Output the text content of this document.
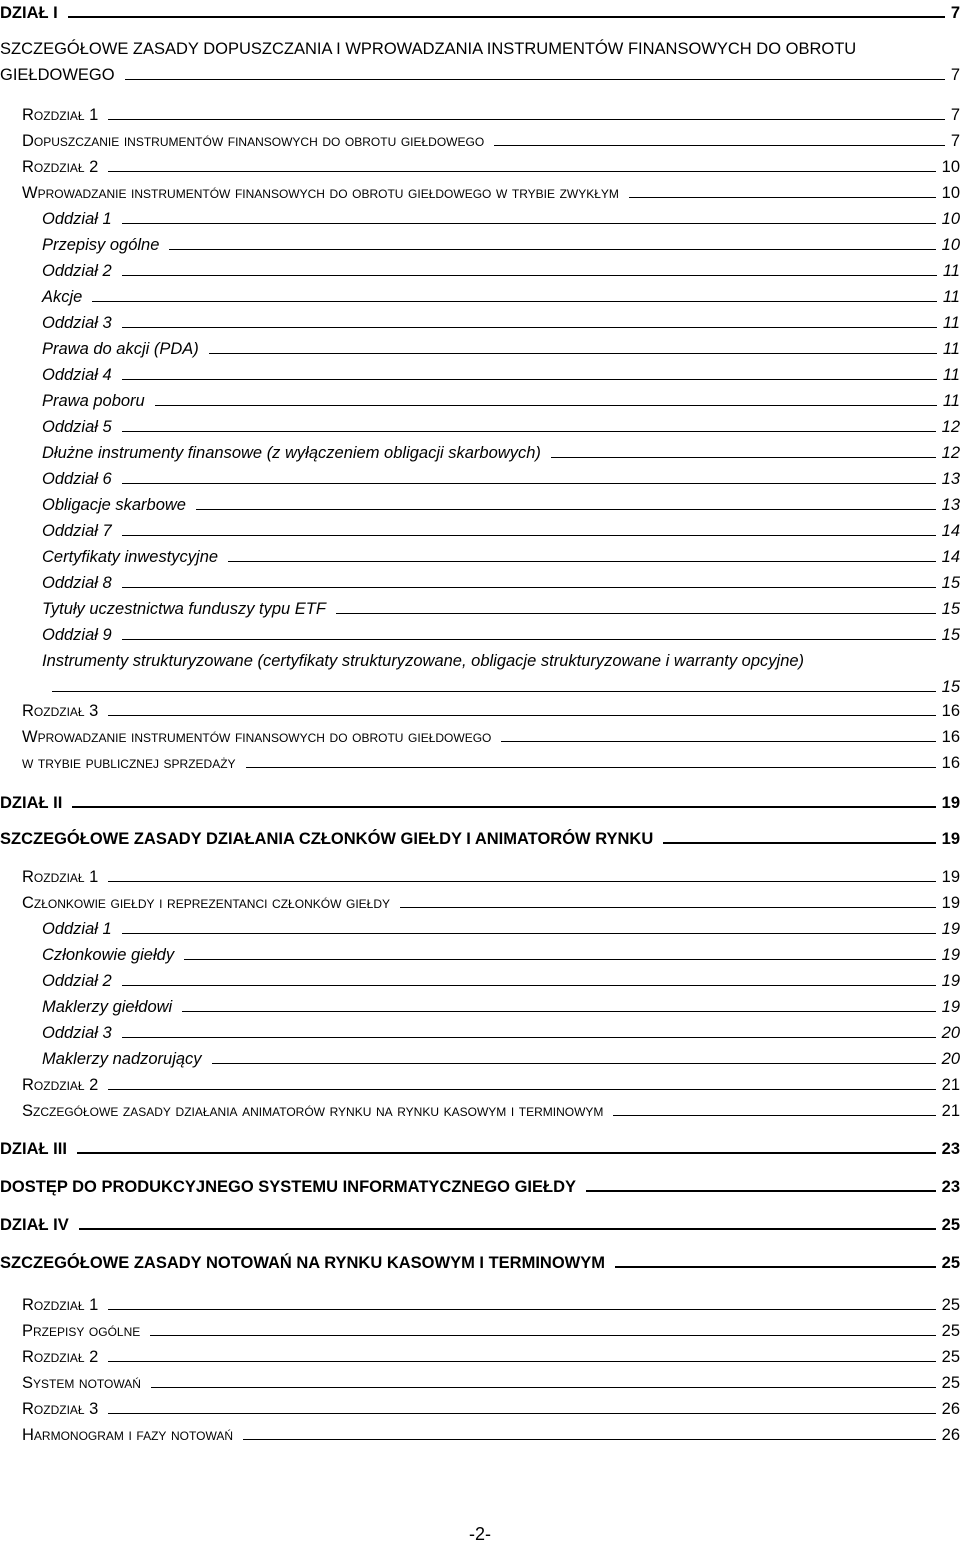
DZIAŁ I	7
SZCZEGÓŁOWE ZASADY DOPUSZCZANIA I WPROWADZANIA INSTRUMENTÓW FINANSOWYCH DO OBROTU
GIEŁDOWEGO	7
Rozdział 1	7
Dopuszczanie instrumentów finansowych do obrotu giełdowego	7
Rozdział 2	10
Wprowadzanie instrumentów finansowych do obrotu giełdowego w trybie zwykłym	10
Oddział 1	10
Przepisy ogólne	10
Oddział 2	11
Akcje	11
Oddział 3	11
Prawa do akcji (PDA)	11
Oddział 4	11
Prawa poboru	11
Oddział 5	12
Dłużne instrumenty finansowe (z wyłączeniem obligacji skarbowych)	12
Oddział 6	13
Obligacje skarbowe	13
Oddział 7	14
Certyfikaty inwestycyjne	14
Oddział 8	15
Tytuły uczestnictwa funduszy typu ETF	15
Oddział 9	15
Instrumenty strukturyzowane (certyfikaty strukturyzowane, obligacje strukturyzowane i warranty opcyjne)
15
Rozdział 3	16
Wprowadzanie instrumentów finansowych do obrotu giełdowego	16
w trybie publicznej sprzedaży	16
DZIAŁ II	19
SZCZEGÓŁOWE ZASADY DZIAŁANIA CZŁONKÓW GIEŁDY I ANIMATORÓW RYNKU	19
Rozdział 1	19
Członkowie giełdy i reprezentanci członków giełdy	19
Oddział 1	19
Członkowie giełdy	19
Oddział 2	19
Maklerzy giełdowi	19
Oddział 3	20
Maklerzy nadzorujący	20
Rozdział 2	21
Szczegółowe zasady działania animatorów rynku na rynku kasowym i terminowym	21
DZIAŁ III	23
DOSTĘP DO PRODUKCYJNEGO SYSTEMU INFORMATYCZNEGO GIEŁDY	23
DZIAŁ IV	25
SZCZEGÓŁOWE ZASADY NOTOWAŃ NA RYNKU KASOWYM I TERMINOWYM	25
Rozdział 1	25
Przepisy ogólne	25
Rozdział 2	25
System notowań	25
Rozdział 3	26
Harmonogram i fazy notowań	26
-2-
